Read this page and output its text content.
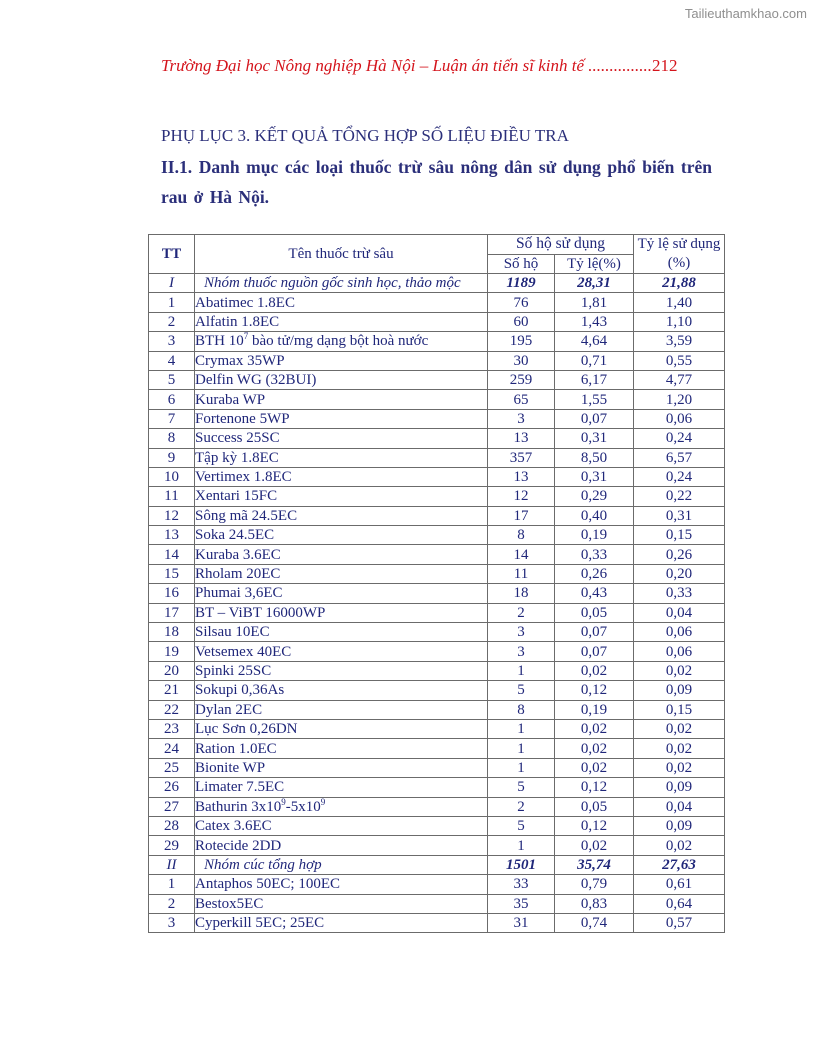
Tailieuthamkhao.com
Trường Đại học Nông nghiệp Hà Nội – Luận án tiến sĩ kinh tế ...............212
PHỤ LỤC 3. KẾT QUẢ TỔNG HỢP SỐ LIỆU ĐIỀU TRA
II.1. Danh mục các loại thuốc trừ sâu nông dân sử dụng phổ biến trên rau ở Hà Nội.
TT	Tên thuốc trừ sâu	Số hộ sử dụng		Tỷ lệ sử dụng (%)
		Số hộ	Tỷ lệ(%)	
I	Nhóm thuốc nguồn gốc sinh học, thảo mộc	1189	28,31	21,88
1	Abatimec 1.8EC	76	1,81	1,40
2	Alfatin 1.8EC	60	1,43	1,10
3	BTH $10^7$ bào tử/mg dạng bột hoà nước	195	4,64	3,59
4	Crymax 35WP	30	0,71	0,55
5	Delfin WG (32BUI)	259	6,17	4,77
6	Kuraba WP	65	1,55	1,20
7	Fortenone 5WP	3	0,07	0,06
8	Success 25SC	13	0,31	0,24
9	Tập kỳ 1.8EC	357	8,50	6,57
10	Vertimex 1.8EC	13	0,31	0,24
11	Xentari 15FC	12	0,29	0,22
12	Sông mã 24.5EC	17	0,40	0,31
13	Soka 24.5EC	8	0,19	0,15
14	Kuraba 3.6EC	14	0,33	0,26
15	Rholam 20EC	11	0,26	0,20
16	Phumai 3,6EC	18	0,43	0,33
17	BT – ViBT 16000WP	2	0,05	0,04
18	Silsau 10EC	3	0,07	0,06
19	Vetsemex 40EC	3	0,07	0,06
20	Spinki 25SC	1	0,02	0,02
21	Sokupi 0,36As	5	0,12	0,09
22	Dylan 2EC	8	0,19	0,15
23	Lục Sơn 0,26DN	1	0,02	0,02
24	Ration 1.0EC	1	0,02	0,02
25	Bionite WP	1	0,02	0,02
26	Limater 7.5EC	5	0,12	0,09
27	Bathurin $3x10^9-5x10^9$	2	0,05	0,04
28	Catex 3.6EC	5	0,12	0,09
29	Rotecide 2DD	1	0,02	0,02
II	Nhóm cúc tổng hợp	1501	35,74	27,63
1	Antaphos 50EC; 100EC	33	0,79	0,61
2	Bestox5EC	35	0,83	0,64
3	Cyperkill 5EC; 25EC	31	0,74	0,57
